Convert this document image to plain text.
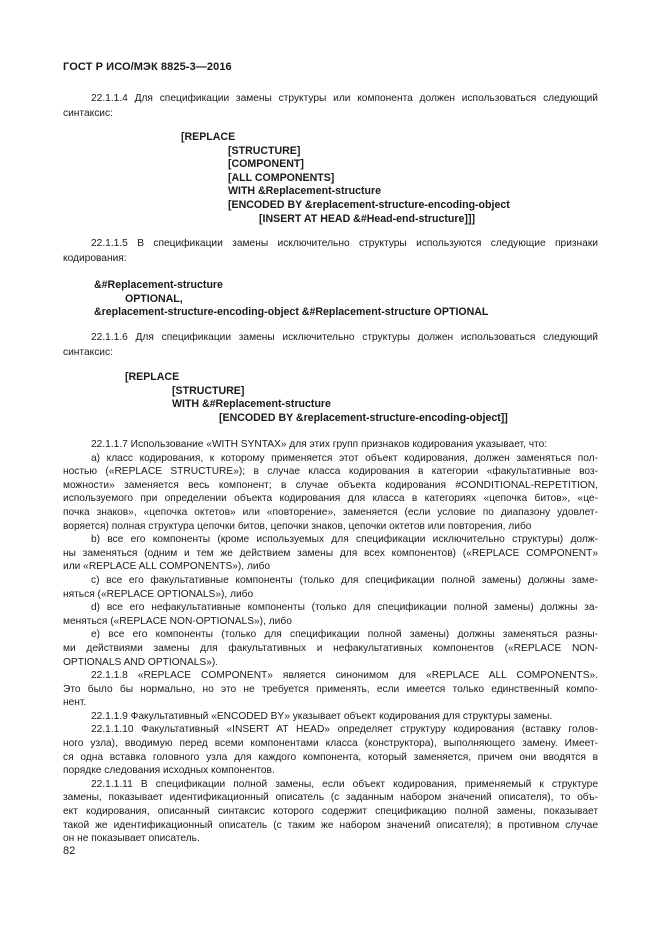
ГОСТ Р ИСО/МЭК 8825-3—2016

22.1.1.4 Для спецификации замены структуры или компонента должен использоваться следующий синтаксис:

[REPLACE
[STRUCTURE]
[COMPONENT]
[ALL COMPONENTS]
WITH &Replacement-structure
[ENCODED BY &replacement-structure-encoding-object
[INSERT AT HEAD &#Head-end-structure]]]

22.1.1.5 В спецификации замены исключительно структуры используются следующие признаки кодирования:

&#Replacement-structure
OPTIONAL,
&replacement-structure-encoding-object &#Replacement-structure OPTIONAL

22.1.1.6 Для спецификации замены исключительно структуры должен использоваться следующий синтаксис:

[REPLACE
[STRUCTURE]
WITH &#Replacement-structure
[ENCODED BY &replacement-structure-encoding-object]]
22.1.1.7 Использование «WITH SYNTAX» для этих групп признаков кодирования указывает, что:
а) класс кодирования, к которому применяется этот объект кодирования, должен заменяться пол-
ностью («REPLACE STRUCTURE»); в случае класса кодирования в категории «факультативные воз-
можности» заменяется весь компонент; в случае объекта кодирования #CONDITIONAL-REPETITION,
используемого при определении объекта кодирования для класса в категориях «цепочка битов», «це-
почка знаков», «цепочка октетов» или «повторение», заменяется (если условие по диапазону удовлет-
воряется) полная структура цепочки битов, цепочки знаков, цепочки октетов или повторения, либо
b) все его компоненты (кроме используемых для спецификации исключительно структуры) долж-
ны заменяться (одним и тем же действием замены для всех компонентов) («REPLACE COMPONENT»
или «REPLACE ALL COMPONENTS»), либо
c) все его факультативные компоненты (только для спецификации полной замены) должны заме-
няться («REPLACE OPTIONALS»), либо
d) все его нефакультативные компоненты (только для спецификации полной замены) должны за-
меняться («REPLACE NON-OPTIONALS»), либо
e) все его компоненты (только для спецификации полной замены) должны заменяться разны-
ми действиями замены для факультативных и нефакультативных компонентов («REPLACE NON-
OPTIONALS AND OPTIONALS»).
22.1.1.8 «REPLACE COMPONENT» является синонимом для «REPLACE ALL COMPONENTS».
Это было бы нормально, но это не требуется применять, если имеется только единственный компо-
нент.
22.1.1.9 Факультативный «ENCODED BY» указывает объект кодирования для структуры замены.
22.1.1.10 Факультативный «INSERT AT HEAD» определяет структуру кодирования (вставку голов-
ного узла), вводимую перед всеми компонентами класса (конструктора), выполняющего замену. Имеет-
ся одна вставка головного узла для каждого компонента, который заменяется, причем они вводятся в
порядке следования исходных компонентов.
22.1.1.11 В спецификации полной замены, если объект кодирования, применяемый к структуре
замены, показывает идентификационный описатель (с заданным набором значений описателя), то объ-
ект кодирования, описанный синтаксис которого содержит спецификацию полной замены, показывает
такой же идентификационный описатель (с таким же набором значений описателя); в противном случае
он не показывает описатель.
82
